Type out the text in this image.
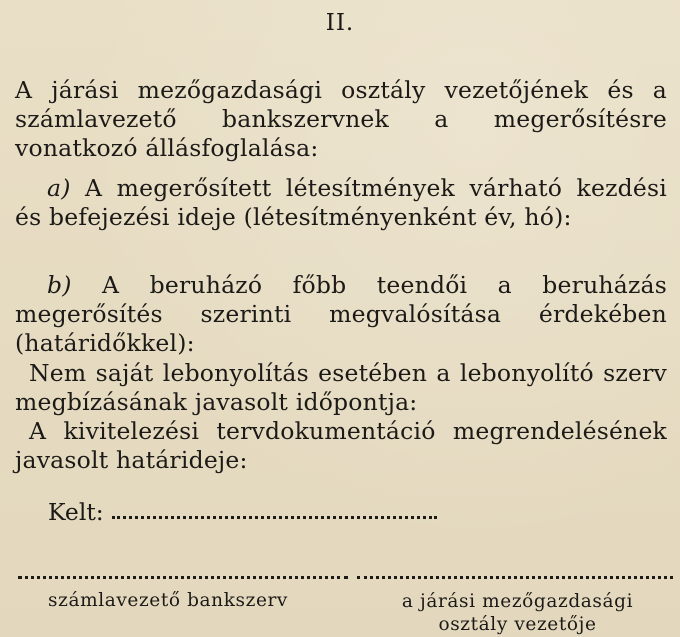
II.
A járási mezőgazdasági osztály vezetőjének és a számlavezető bankszervnek a megerősítésre vonatkozó állásfoglalása:
a) A megerősített létesítmények várható kezdési és befejezési ideje (létesítményenként év, hó):
b) A beruházó főbb teendői a beruházás megerősítés szerinti megvalósítása érdekében (határidőkkel):
Nem saját lebonyolítás esetében a lebonyolító szerv megbízásának javasolt időpontja:
A kivitelezési tervdokumentáció megrendelésének javasolt határideje:
Kelt:
számlavezető bankszerv	a járási mezőgazdasági
osztály vezetője
